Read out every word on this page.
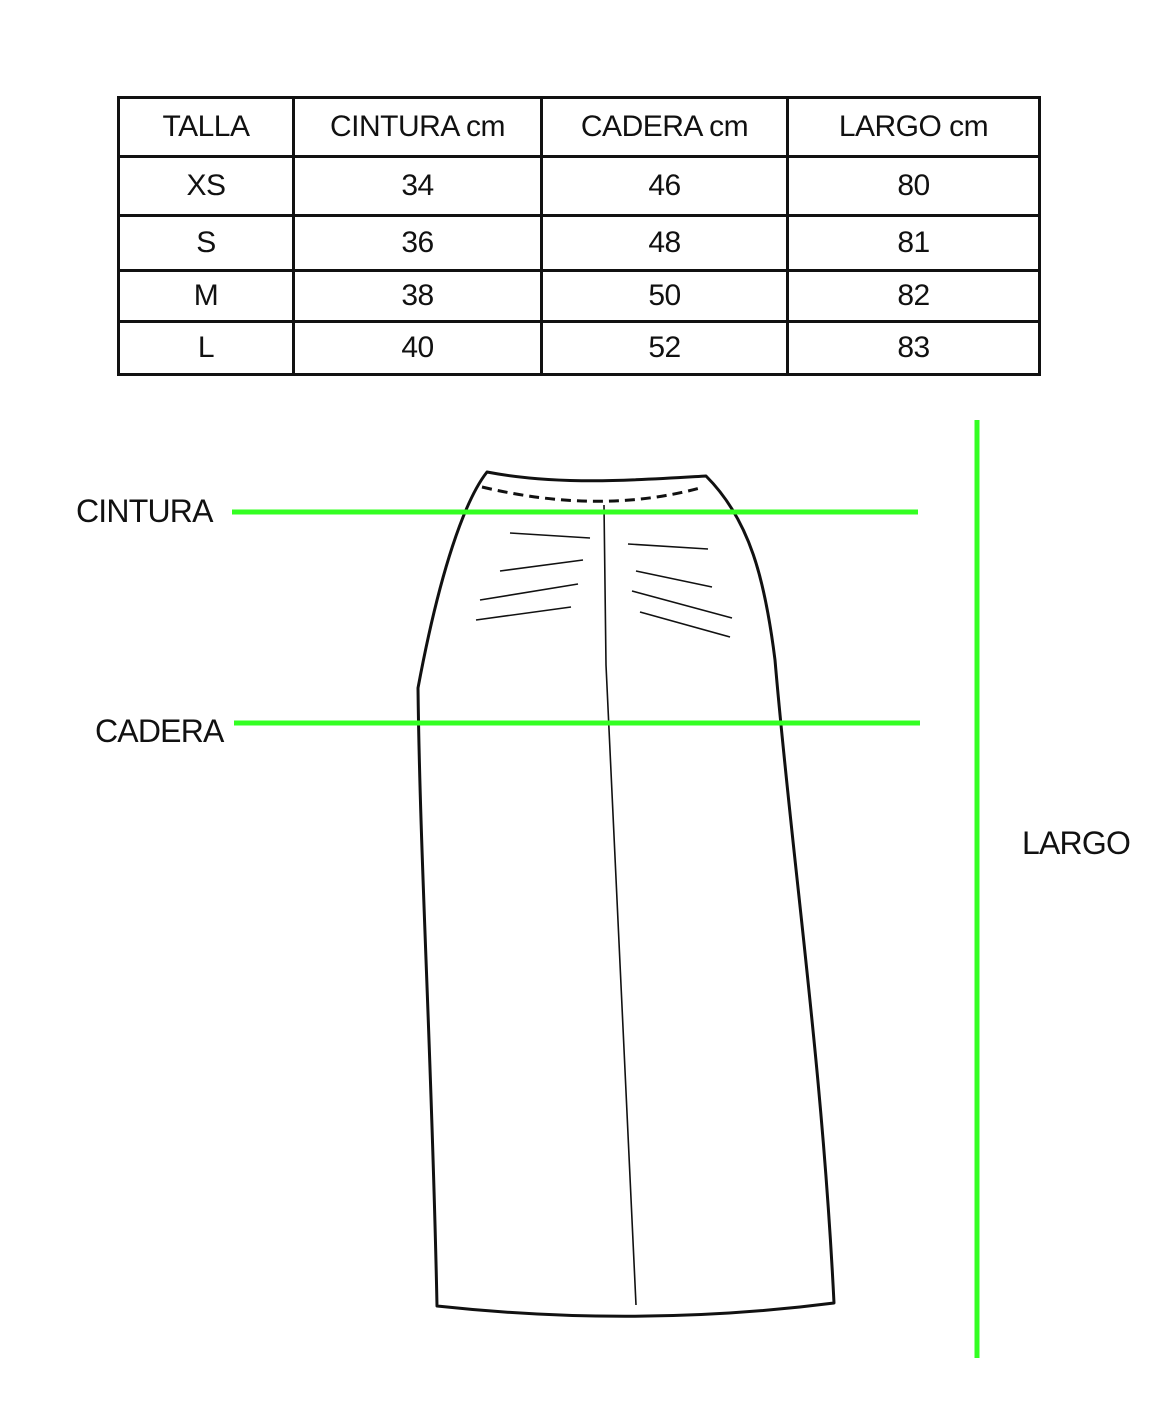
TALLA	CINTURA cm	CADERA cm	LARGO cm
XS	34	46	80
S	36	48	81
M	38	50	82
L	40	52	83
CINTURA
CADERA
LARGO
